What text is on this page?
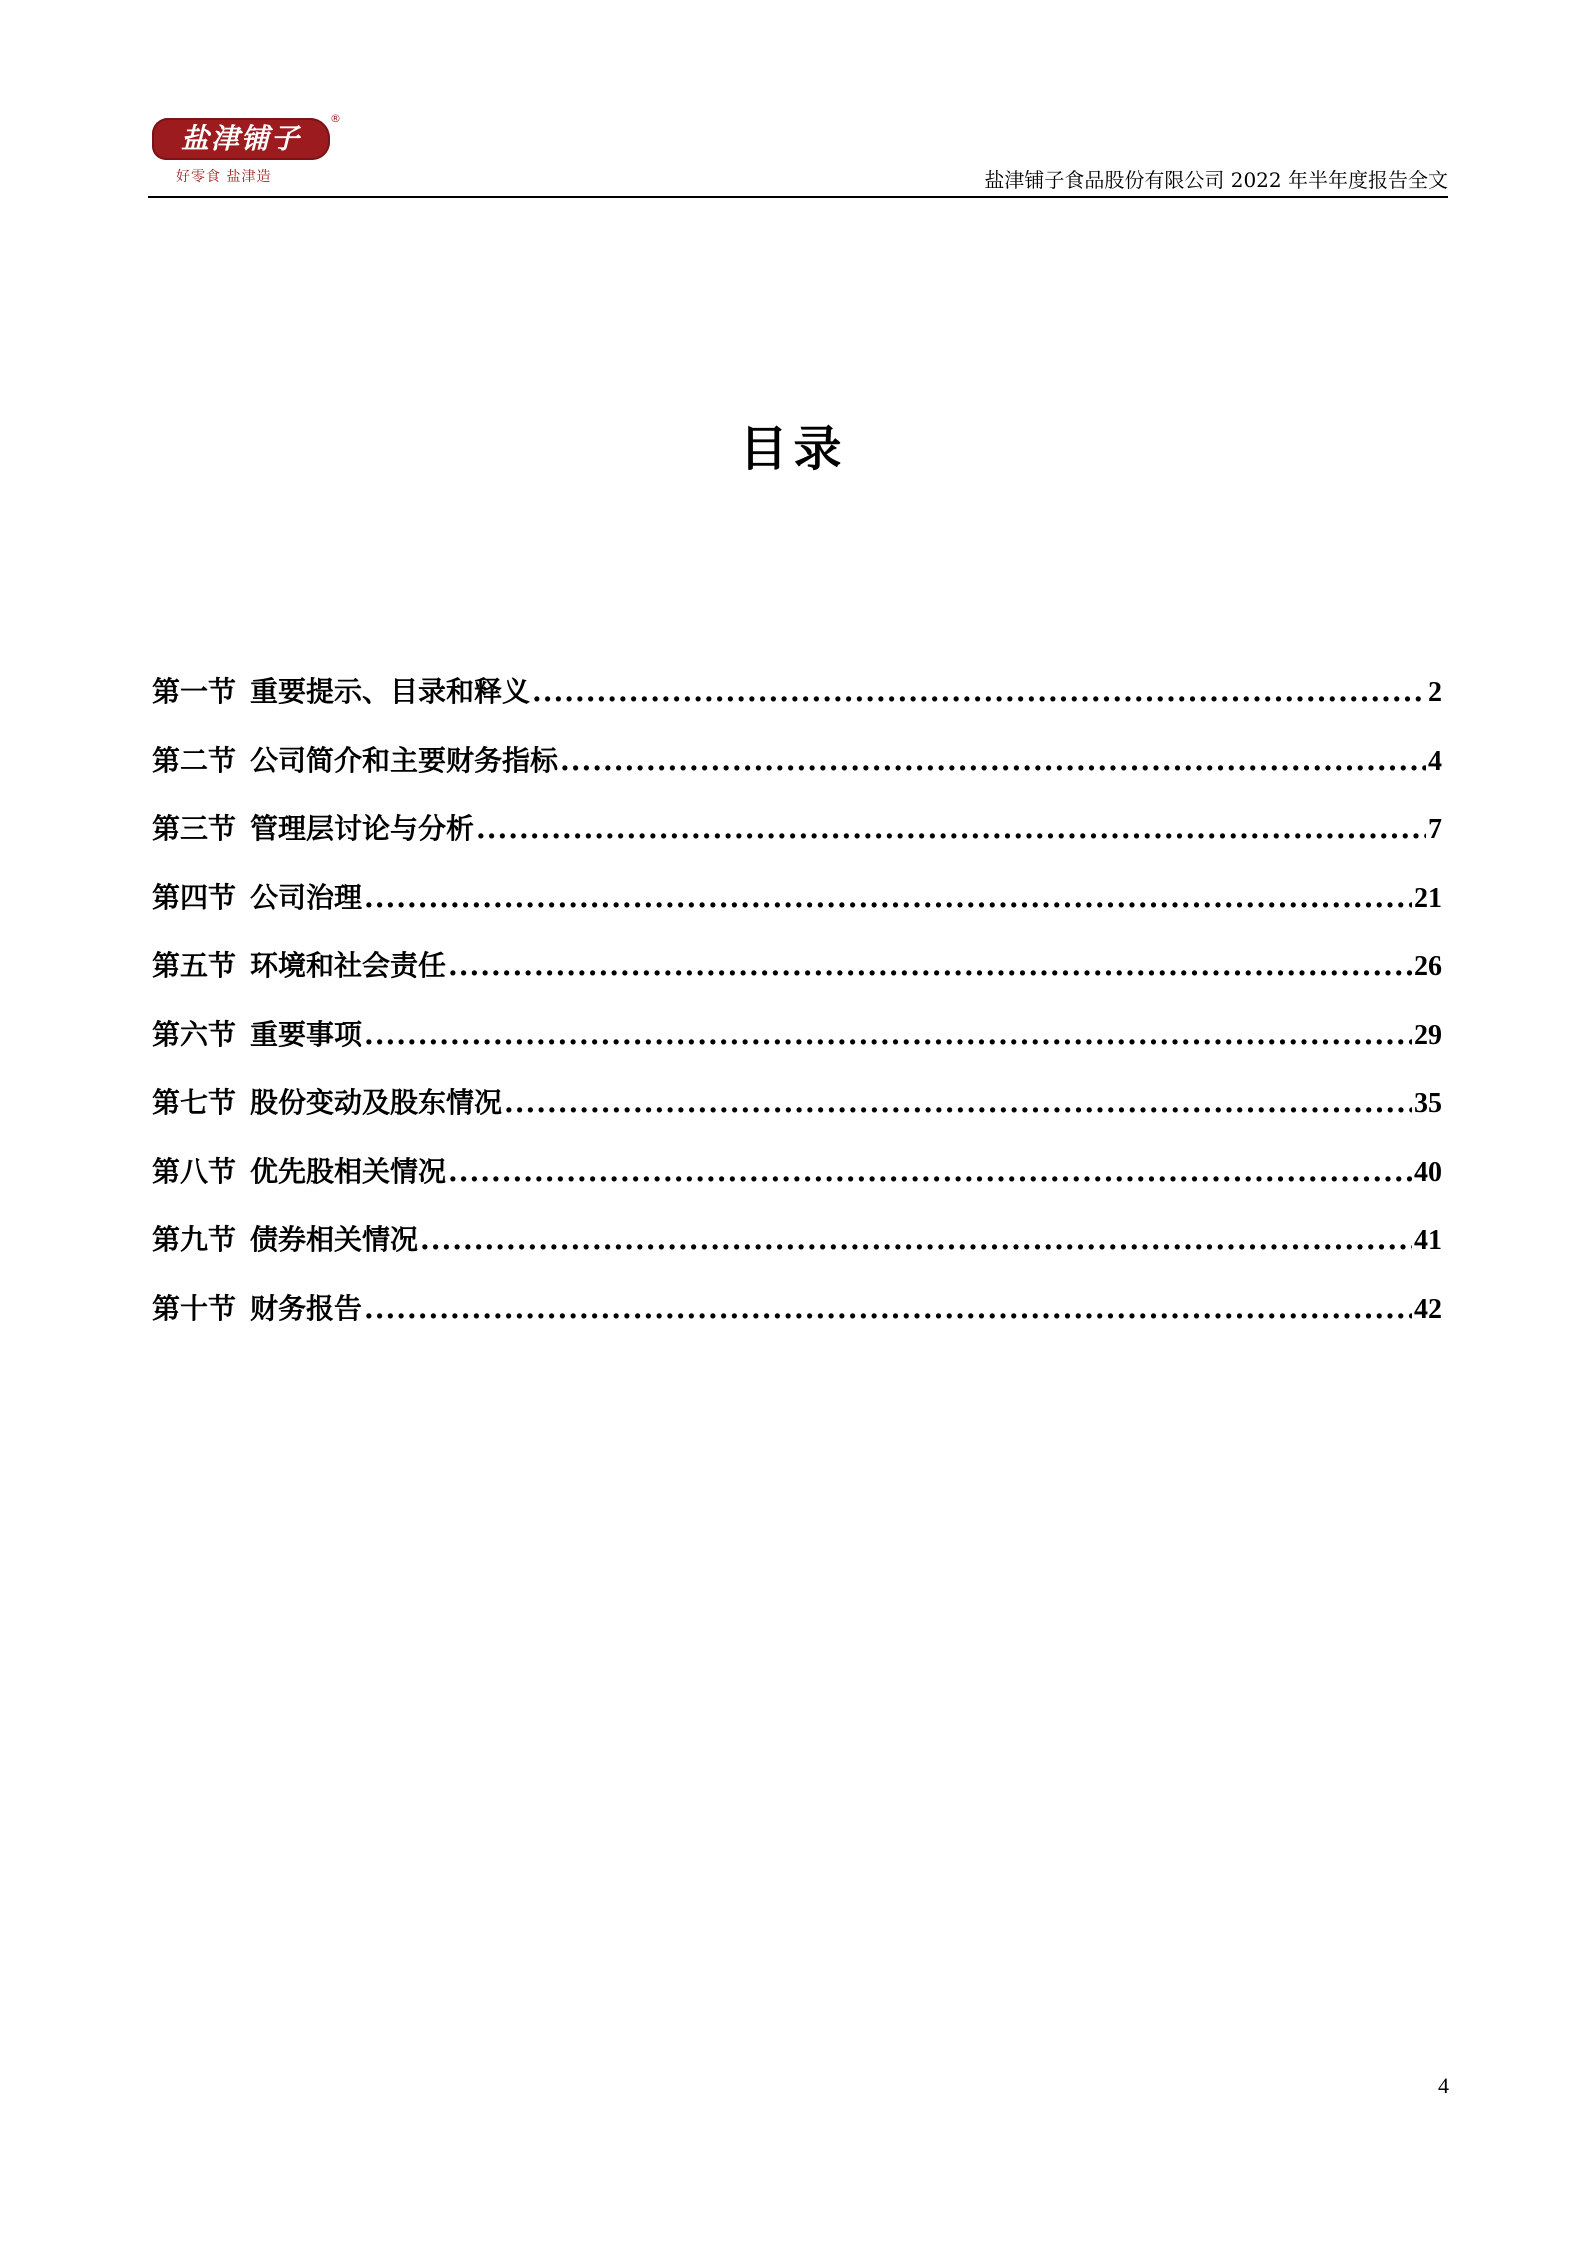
盐津铺子
®
好零食 盐津造	盐津铺子食品股份有限公司 2022 年半年度报告全文
目录
第一节 重要提示、目录和释义 .....	2
第二节 公司简介和主要财务指标 .....	4
第三节 管理层讨论与分析 .....	7
第四节 公司治理 .....	21
第五节 环境和社会责任 .....	26
第六节 重要事项 .....	29
第七节 股份变动及股东情况 .....	35
第八节 优先股相关情况 .....	40
第九节 债券相关情况 .....	41
第十节 财务报告 .....	42
4
